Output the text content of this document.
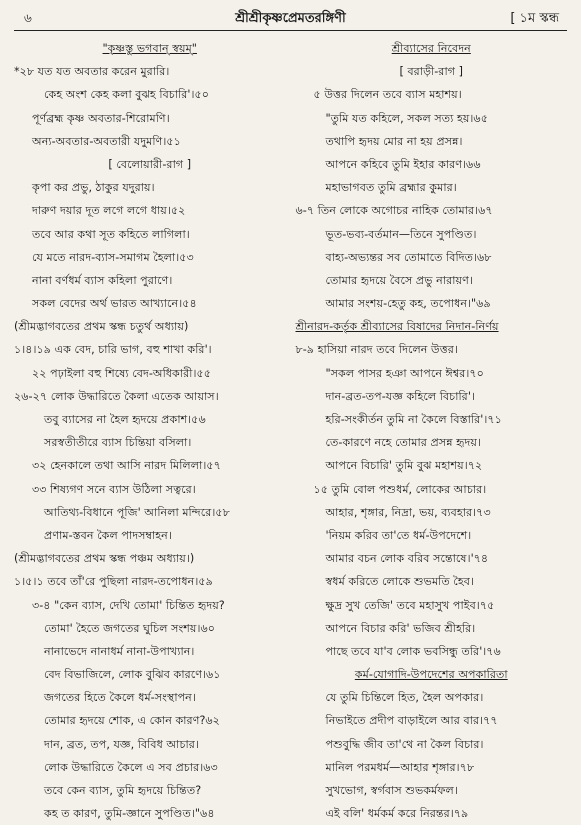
৬	শ্রীশ্রীকৃষ্ণপ্রেমতরঙ্গিণী	[ ১ম স্কন্ধ
"কৃষ্ণস্তু ভগবান্ স্বয়ম্"
*২৮ যত যত অবতার করেন মুরারি।
কেহ অংশ কেহ কলা বুঝহ বিচারি'।৫০
পূর্ণব্রহ্ম কৃষ্ণ অবতার-শিরোমণি।
অন্য-অবতার-অবতারী যদুমণি।৫১
[ বেলোয়ারী-রাগ ]
কৃপা কর প্রভু, ঠাকুর যদুরায়।
দারুণ দয়ার দূত লগে লগে ধায়।৫২
তবে আর কথা সূত কহিতে লাগিলা।
যে মতে নারদ-ব্যাস-সমাগম হৈলা।৫৩
নানা বর্ণধর্ম ব্যাস কহিলা পুরাণে।
সকল বেদের অর্থ ভারত আখ্যানে।৫৪
(শ্রীমদ্ভাগবতের প্রথম স্কন্ধ চতুর্থ অধ্যায়)
১।৪।১৯ এক বেদ, চারি ভাগ, বহু শাখা করি'।
২২ পঢ়াইলা বহু শিষ্যে বেদ-অধিকারী।৫৫
২৬-২৭ লোক উদ্ধারিতে কৈলা এতেক আয়াস।
তবু ব্যাসের না হৈল হৃদয়ে প্রকাশ।৫৬
সরস্বতীতীরে ব্যাস চিন্তিয়া বসিলা।
৩২ হেনকালে তথা আসি নারদ মিলিলা।৫৭
৩৩ শিষ্যগণ সনে ব্যাস উঠিলা সত্বরে।
আতিথ্য-বিধানে পূজি' আনিলা মন্দিরে।৫৮
প্রণাম-স্তবন কৈল পাদসম্বাহন।
(শ্রীমদ্ভাগবতের প্রথম স্কন্ধ পঞ্চম অধ্যায়।)
১।৫।১ তবে তাঁ'রে পুছিলা নারদ-তপোধন।৫৯
৩-৪ "কেন ব্যাস, দেখি তোমা' চিন্তিত হৃদয়?
তোমা' হৈতে জগতের ঘুচিল সংশয়।৬০
নানাভেদে নানাধর্ম নানা-উপাখ্যান।
বেদ বিভাজিলে, লোক বুঝিব কারণে।৬১
জগতের হিতে কৈলে ধর্ম-সংস্থাপন।
তোমার হৃদয়ে শোক, এ কোন কারণ?৬২
দান, ব্রত, তপ, যজ্ঞ, বিবিধ আচার।
লোক উদ্ধারিতে কৈলে এ সব প্রচার।৬৩
তবে কেন ব্যাস, তুমি হৃদয়ে চিন্তিত?
কহ ত কারণ, তুমি-জ্ঞানে সুপণ্ডিত।"৬৪
শ্রীব্যাসের নিবেদন
[ বরাড়ী-রাগ ]
৫ উত্তর দিলেন তবে ব্যাস মহাশয়।
"তুমি যত কহিলে, সকল সত্য হয়।৬৫
তথাপি হৃদয় মোর না হয় প্রসন্ন।
আপনে কহিবে তুমি ইহার কারণ।৬৬
মহাভাগবত তুমি ব্রহ্মার কুমার।
৬-৭ তিন লোকে অগোচর নাহিক তোমার।৬৭
ভূত-ভব্য-বর্তমান—তিনে সুপণ্ডিত।
বাহ্য-অভ্যন্তর সব তোমাতে বিদিত।৬৮
তোমার হৃদয়ে বৈসে প্রভু নারায়ণ।
আমার সংশয়-হেতু কহ, তপোধন।"৬৯
শ্রীনারদ-কর্তৃক শ্রীব্যাসের বিষাদের নিদান-নির্ণয়
৮-৯ হাসিয়া নারদ তবে দিলেন উত্তর।
"সকল পাসর হঞা আপনে ঈশ্বর।৭০
দান-ব্রত-তপ-যজ্ঞ কহিলে বিচারি'।
হরি-সংকীর্তন তুমি না কৈলে বিস্তারি'।৭১
তে-কারণে নহে তোমার প্রসন্ন হৃদয়।
আপনে বিচারি' তুমি বুঝ মহাশয়।৭২
১৫ তুমি বোল পশুধর্ম, লোকের আচার।
আহার, শৃঙ্গার, নিদ্রা, ভয়, ব্যবহার।৭৩
'নিয়ম করিব তা'তে ধর্ম-উপদেশে।
আমার বচন লোক বরিব সন্তোষে।'৭৪
স্বধর্ম করিতে লোকে শুভমতি হৈব।
ক্ষুদ্র সুখ তেজি' তবে মহাসুখ পাইব।৭৫
আপনে বিচার করি' ভজিব শ্রীহরি।
পাছে তবে যা'ব লোক ভবসিন্ধু তরি'।৭৬
কর্ম-যোগাদি-উপদেশের অপকারিতা
যে তুমি চিন্তিলে হিত, হৈল অপকার।
নিভাইতে প্রদীপ বাড়াইলে আর বার।৭৭
পশুবুদ্ধি জীব তা'থে না কৈল বিচার।
মানিল পরমধর্ম—আহার শৃঙ্গার।৭৮
সুখভোগ, স্বর্গবাস শুভকর্মফল।
এই বলি' ধর্মকর্ম করে নিরন্তর।৭৯
